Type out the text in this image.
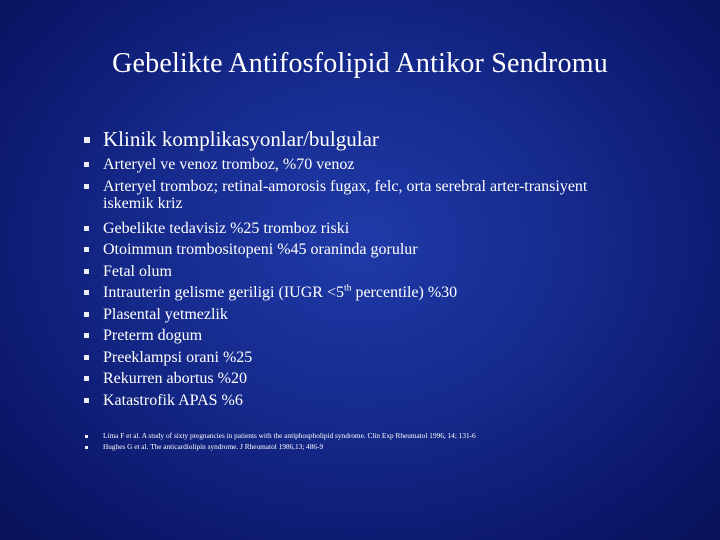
Gebelikte Antifosfolipid Antikor Sendromu
Klinik komplikasyonlar/bulgular
Arteryel ve venoz tromboz, %70 venoz
Arteryel tromboz; retinal-amorosis fugax, felc, orta serebral arter-transiyent
iskemik kriz
Gebelikte tedavisiz %25 tromboz riski
Otoimmun trombositopeni %45 oraninda gorulur
Fetal olum
Intrauterin gelisme geriligi (IUGR <5th percentile) %30
Plasental yetmezlik
Preterm dogum
Preeklampsi orani %25
Rekurren abortus %20
Katastrofik APAS %6
Lima F et al. A study of sixty pregnancies in patients with the antiphospholipid syndrome. Clin Exp Rheumatol 1996, 14; 131-6
Hughes G et al. The anticardiolipin syndrome. J Rheumatol 1986,13; 486-9
